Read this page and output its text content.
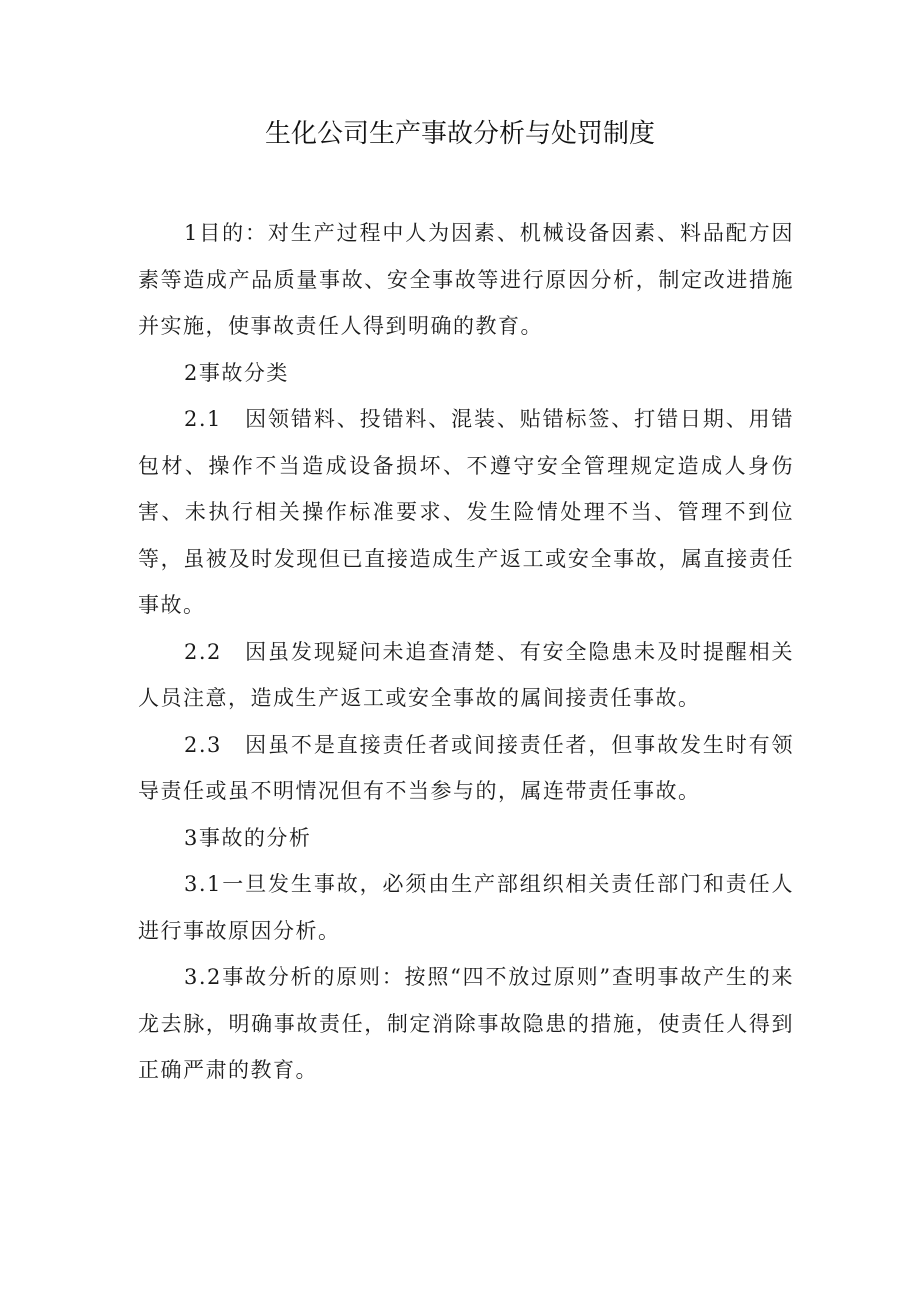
生化公司生产事故分析与处罚制度

1目的：对生产过程中人为因素、机械设备因素、料品配方因素等造成产品质量事故、安全事故等进行原因分析，制定改进措施并实施，使事故责任人得到明确的教育。

2事故分类

2.1　因领错料、投错料、混装、贴错标签、打错日期、用错包材、操作不当造成设备损坏、不遵守安全管理规定造成人身伤害、未执行相关操作标准要求、发生险情处理不当、管理不到位等，虽被及时发现但已直接造成生产返工或安全事故，属直接责任事故。

2.2　因虽发现疑问未追查清楚、有安全隐患未及时提醒相关人员注意，造成生产返工或安全事故的属间接责任事故。

2.3　因虽不是直接责任者或间接责任者，但事故发生时有领导责任或虽不明情况但有不当参与的，属连带责任事故。

3事故的分析

3.1一旦发生事故，必须由生产部组织相关责任部门和责任人进行事故原因分析。

3.2事故分析的原则：按照“四不放过原则”查明事故产生的来龙去脉，明确事故责任，制定消除事故隐患的措施，使责任人得到正确严肃的教育。
